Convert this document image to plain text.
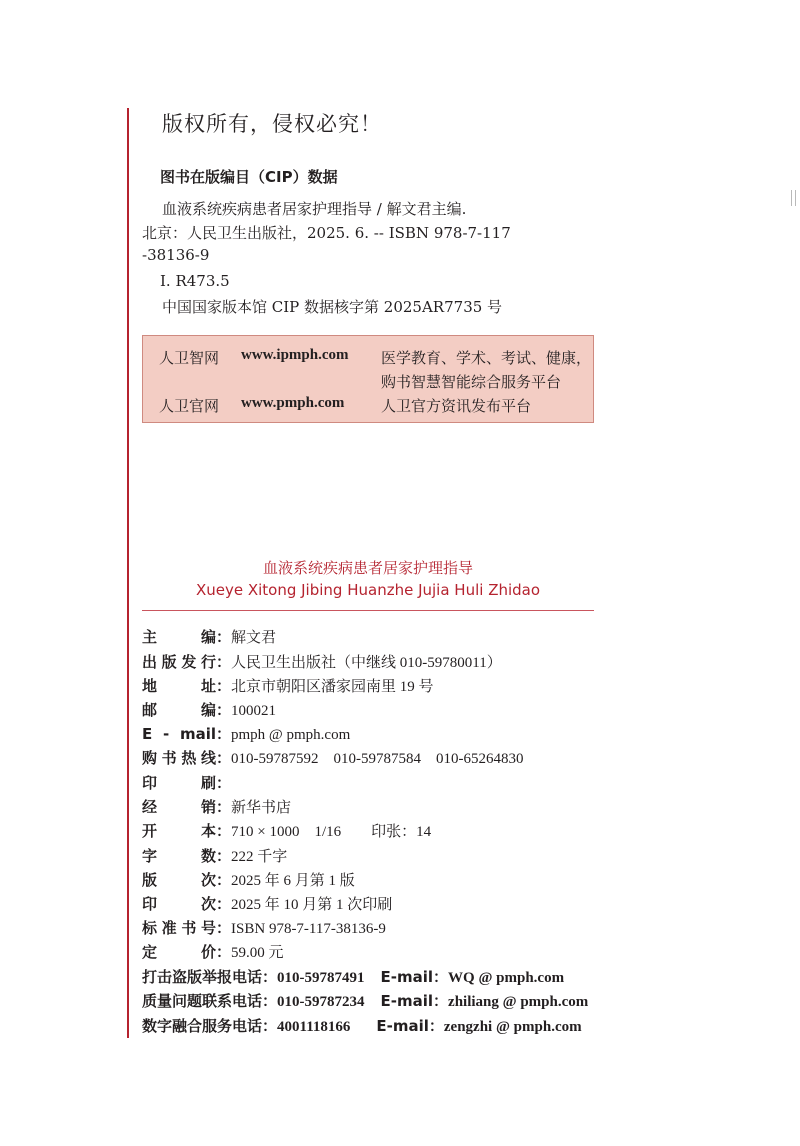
版权所有，侵权必究！
图书在版编目（CIP）数据
血液系统疾病患者居家护理指导 / 解文君主编.
北京：人民卫生出版社，2025. 6. -- ISBN 978-7-117
-38136-9
Ⅰ. R473.5
中国国家版本馆 CIP 数据核字第 2025AR7735 号
人卫智网 www.ipmph.com 医学教育、学术、考试、健康，
购书智慧智能综合服务平台
人卫官网 www.pmph.com 人卫官方资讯发布平台
血液系统疾病患者居家护理指导
Xueye Xitong Jibing Huanzhe Jujia Huli Zhidao
主编：解文君
出版发行：人民卫生出版社（中继线 010-59780011）
地址：北京市朝阳区潘家园南里 19 号
邮编：100021
E - mail：pmph @ pmph.com
购书热线：010-59787592    010-59787584    010-65264830
印刷：
经销：新华书店
开本：710 × 1000    1/16        印张：14
字数：222 千字
版次：2025 年 6 月第 1 版
印次：2025 年 10 月第 1 次印刷
标准书号：ISBN 978-7-117-38136-9
定价：59.00 元
打击盗版举报电话：010-59787491 E-mail：WQ @ pmph.com
质量问题联系电话：010-59787234 E-mail：zhiliang @ pmph.com
数字融合服务电话：4001118166 E-mail：zengzhi @ pmph.com
